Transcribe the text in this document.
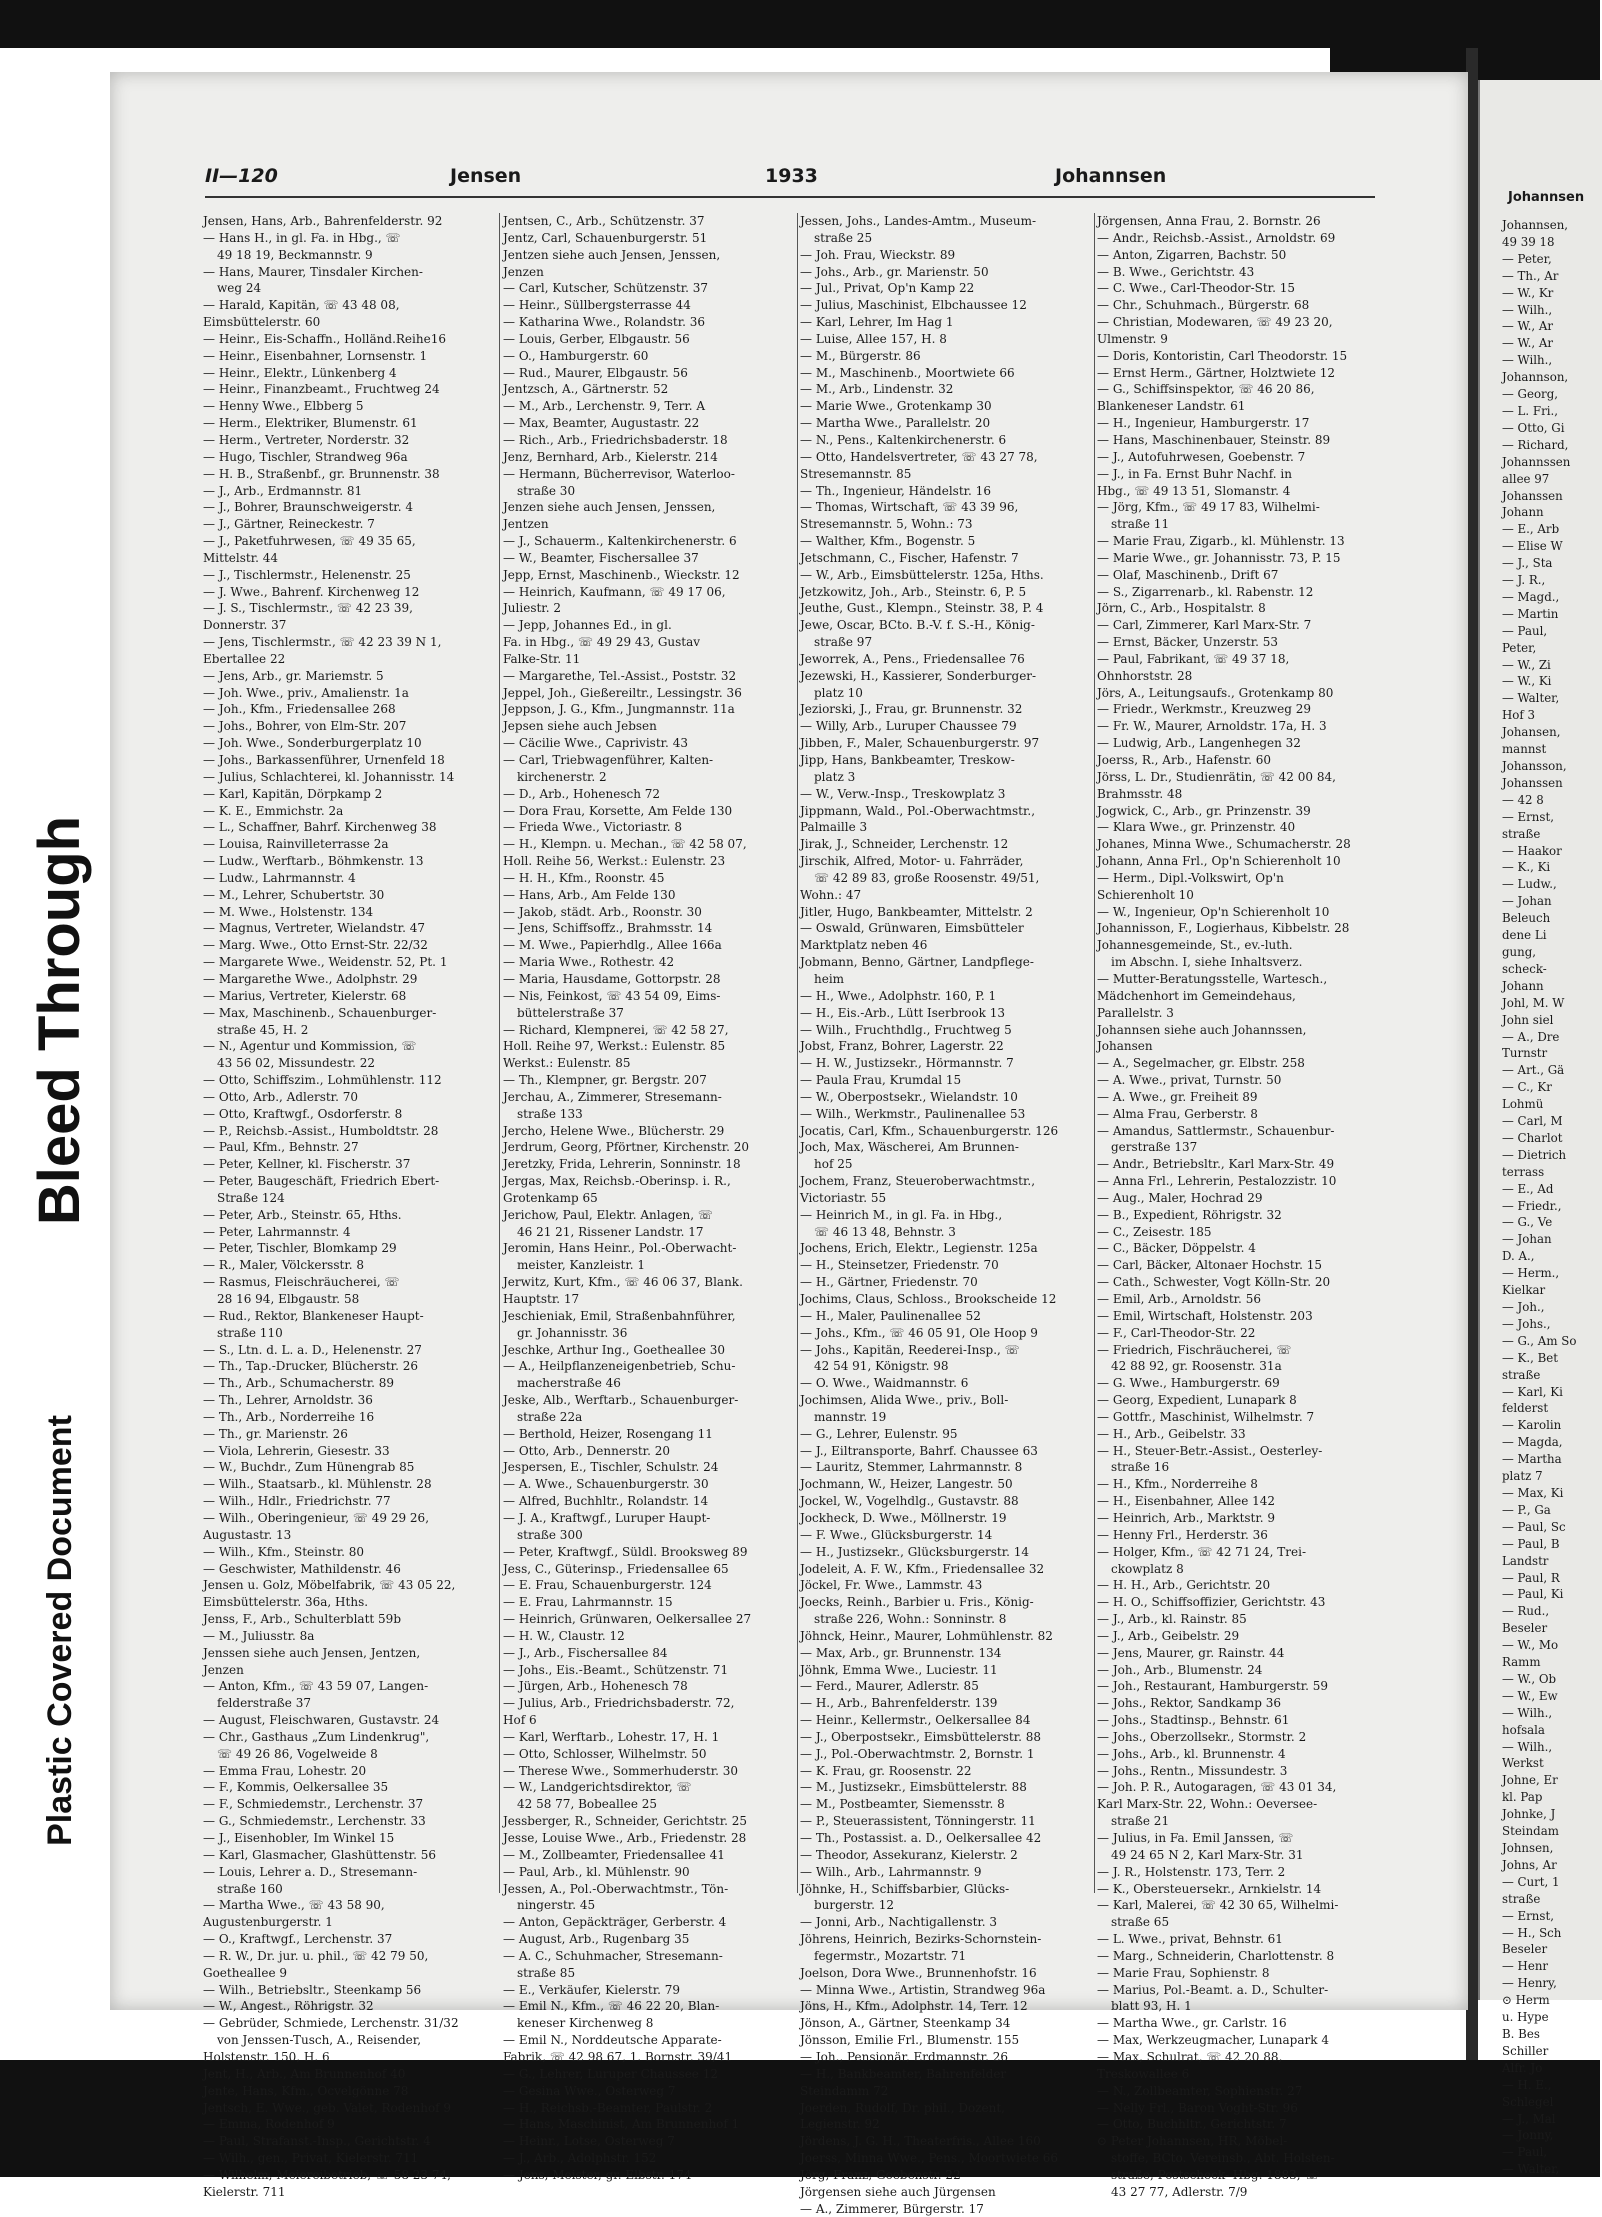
Bleed Through
Plastic Covered Document
II—120	Jensen	1933	Johannsen
Jensen, Hans, Arb., Bahrenfelderstr. 92
— Hans H., in gl. Fa. in Hbg., ☏
49 18 19, Beckmannstr. 9
— Hans, Maurer, Tinsdaler Kirchen-
weg 24
— Harald, Kapitän, ☏ 43 48 08,
Eimsbüttelerstr. 60
— Heinr., Eis-Schaffn., Holländ.Reihe16
— Heinr., Eisenbahner, Lornsenstr. 1
— Heinr., Elektr., Lünkenberg 4
— Heinr., Finanzbeamt., Fruchtweg 24
— Henny Wwe., Elbberg 5
— Herm., Elektriker, Blumenstr. 61
— Herm., Vertreter, Norderstr. 32
— Hugo, Tischler, Strandweg 96a
— H. B., Straßenbf., gr. Brunnenstr. 38
— J., Arb., Erdmannstr. 81
— J., Bohrer, Braunschweigerstr. 4
— J., Gärtner, Reineckestr. 7
— J., Paketfuhrwesen, ☏ 49 35 65,
Mittelstr. 44
— J., Tischlermstr., Helenenstr. 25
— J. Wwe., Bahrenf. Kirchenweg 12
— J. S., Tischlermstr., ☏ 42 23 39,
Donnerstr. 37
— Jens, Tischlermstr., ☏ 42 23 39 N 1,
Ebertallee 22
— Jens, Arb., gr. Mariemstr. 5
— Joh. Wwe., priv., Amalienstr. 1a
— Joh., Kfm., Friedensallee 268
— Johs., Bohrer, von Elm-Str. 207
— Joh. Wwe., Sonderburgerplatz 10
— Johs., Barkassenführer, Urnenfeld 18
— Julius, Schlachterei, kl. Johannisstr. 14
— Karl, Kapitän, Dörpkamp 2
— K. E., Emmichstr. 2a
— L., Schaffner, Bahrf. Kirchenweg 38
— Louisa, Rainvilleterrasse 2a
— Ludw., Werftarb., Böhmkenstr. 13
— Ludw., Lahrmannstr. 4
— M., Lehrer, Schubertstr. 30
— M. Wwe., Holstenstr. 134
— Magnus, Vertreter, Wielandstr. 47
— Marg. Wwe., Otto Ernst-Str. 22/32
— Margarete Wwe., Weidenstr. 52, Pt. 1
— Margarethe Wwe., Adolphstr. 29
— Marius, Vertreter, Kielerstr. 68
— Max, Maschinenb., Schauenburger-
straße 45, H. 2
— N., Agentur und Kommission, ☏
43 56 02, Missundestr. 22
— Otto, Schiffszim., Lohmühlenstr. 112
— Otto, Arb., Adlerstr. 70
— Otto, Kraftwgf., Osdorferstr. 8
— P., Reichsb.-Assist., Humboldtstr. 28
— Paul, Kfm., Behnstr. 27
— Peter, Kellner, kl. Fischerstr. 37
— Peter, Baugeschäft, Friedrich Ebert-
Straße 124
— Peter, Arb., Steinstr. 65, Hths.
— Peter, Lahrmannstr. 4
— Peter, Tischler, Blomkamp 29
— R., Maler, Völckersstr. 8
— Rasmus, Fleischräucherei, ☏
28 16 94, Elbgaustr. 58
— Rud., Rektor, Blankeneser Haupt-
straße 110
— S., Ltn. d. L. a. D., Helenenstr. 27
— Th., Tap.-Drucker, Blücherstr. 26
— Th., Arb., Schumacherstr. 89
— Th., Lehrer, Arnoldstr. 36
— Th., Arb., Norderreihe 16
— Th., gr. Marienstr. 26
— Viola, Lehrerin, Giesestr. 33
— W., Buchdr., Zum Hünengrab 85
— Wilh., Staatsarb., kl. Mühlenstr. 28
— Wilh., Hdlr., Friedrichstr. 77
— Wilh., Oberingenieur, ☏ 49 29 26,
Augustastr. 13
— Wilh., Kfm., Steinstr. 80
— Geschwister, Mathildenstr. 46
Jensen u. Golz, Möbelfabrik, ☏ 43 05 22,
Eimsbüttelerstr. 36a, Hths.
Jenss, F., Arb., Schulterblatt 59b
— M., Juliusstr. 8a
Jenssen siehe auch Jensen, Jentzen,
Jenzen
— Anton, Kfm., ☏ 43 59 07, Langen-
felderstraße 37
— August, Fleischwaren, Gustavstr. 24
— Chr., Gasthaus „Zum Lindenkrug",
☏ 49 26 86, Vogelweide 8
— Emma Frau, Lohestr. 20
— F., Kommis, Oelkersallee 35
— F., Schmiedemstr., Lerchenstr. 37
— G., Schmiedemstr., Lerchenstr. 33
— J., Eisenhobler, Im Winkel 15
— Karl, Glasmacher, Glashüttenstr. 56
— Louis, Lehrer a. D., Stresemann-
straße 160
— Martha Wwe., ☏ 43 58 90,
Augustenburgerstr. 1
— O., Kraftwgf., Lerchenstr. 37
— R. W., Dr. jur. u. phil., ☏ 42 79 50,
Goetheallee 9
— Wilh., Betriebsltr., Steenkamp 56
— W., Angest., Röhrigstr. 32
— Gebrüder, Schmiede, Lerchenstr. 31/32
von Jenssen-Tusch, A., Reisender,
Holstenstr. 150, H. 6
Jent, H., Arb., Am Brunnenhof 40
Jente, Hans, Kfm., Ocvelgönne 78
Jentsch, E. Wwe., geb. Valet, Rodenhof 9
— Emma, Rodenhof 9
— Paul, Strafanst.-Insp., Gerichtstr. 4
— Wilh., gen., Privat, Kielerstr. 711
— Wilhelm, Meiereibetrieb, ☏ 58 23 74,
Kielerstr. 711
Jentsen, C., Arb., Schützenstr. 37
Jentz, Carl, Schauenburgerstr. 51
Jentzen siehe auch Jensen, Jenssen,
Jenzen
— Carl, Kutscher, Schützenstr. 37
— Heinr., Süllbergsterrasse 44
— Katharina Wwe., Rolandstr. 36
— Louis, Gerber, Elbgaustr. 56
— O., Hamburgerstr. 60
— Rud., Maurer, Elbgaustr. 56
Jentzsch, A., Gärtnerstr. 52
— M., Arb., Lerchenstr. 9, Terr. A
— Max, Beamter, Augustastr. 22
— Rich., Arb., Friedrichsbaderstr. 18
Jenz, Bernhard, Arb., Kielerstr. 214
— Hermann, Bücherrevisor, Waterloo-
straße 30
Jenzen siehe auch Jensen, Jenssen,
Jentzen
— J., Schauerm., Kaltenkirchenerstr. 6
— W., Beamter, Fischersallee 37
Jepp, Ernst, Maschinenb., Wieckstr. 12
— Heinrich, Kaufmann, ☏ 49 17 06,
Juliestr. 2
— Jepp, Johannes Ed., in gl.
Fa. in Hbg., ☏ 49 29 43, Gustav
Falke-Str. 11
— Margarethe, Tel.-Assist., Poststr. 32
Jeppel, Joh., Gießereiltr., Lessingstr. 36
Jeppson, J. G., Kfm., Jungmannstr. 11a
Jepsen siehe auch Jebsen
— Cäcilie Wwe., Caprivistr. 43
— Carl, Triebwagenführer, Kalten-
kirchenerstr. 2
— D., Arb., Hohenesch 72
— Dora Frau, Korsette, Am Felde 130
— Frieda Wwe., Victoriastr. 8
— H., Klempn. u. Mechan., ☏ 42 58 07,
Holl. Reihe 56, Werkst.: Eulenstr. 23
— H. H., Kfm., Roonstr. 45
— Hans, Arb., Am Felde 130
— Jakob, städt. Arb., Roonstr. 30
— Jens, Schiffsoffz., Brahmsstr. 14
— M. Wwe., Papierhdlg., Allee 166a
— Maria Wwe., Rothestr. 42
— Maria, Hausdame, Gottorpstr. 28
— Nis, Feinkost, ☏ 43 54 09, Eims-
büttelerstraße 37
— Richard, Klempnerei, ☏ 42 58 27,
Holl. Reihe 97, Werkst.: Eulenstr. 85
Werkst.: Eulenstr. 85
— Th., Klempner, gr. Bergstr. 207
Jerchau, A., Zimmerer, Stresemann-
straße 133
Jercho, Helene Wwe., Blücherstr. 29
Jerdrum, Georg, Pförtner, Kirchenstr. 20
Jeretzky, Frida, Lehrerin, Sonninstr. 18
Jergas, Max, Reichsb.-Oberinsp. i. R.,
Grotenkamp 65
Jerichow, Paul, Elektr. Anlagen, ☏
46 21 21, Rissener Landstr. 17
Jeromin, Hans Heinr., Pol.-Oberwacht-
meister, Kanzleistr. 1
Jerwitz, Kurt, Kfm., ☏ 46 06 37, Blank.
Hauptstr. 17
Jeschieniak, Emil, Straßenbahnführer,
gr. Johannisstr. 36
Jeschke, Arthur Ing., Goetheallee 30
— A., Heilpflanzeneigenbetrieb, Schu-
macherstraße 46
Jeske, Alb., Werftarb., Schauenburger-
straße 22a
— Berthold, Heizer, Rosengang 11
— Otto, Arb., Dennerstr. 20
Jespersen, E., Tischler, Schulstr. 24
— A. Wwe., Schauenburgerstr. 30
— Alfred, Buchhltr., Rolandstr. 14
— J. A., Kraftwgf., Luruper Haupt-
straße 300
— Peter, Kraftwgf., Süldl. Brooksweg 89
Jess, C., Güterinsp., Friedensallee 65
— E. Frau, Schauenburgerstr. 124
— E. Frau, Lahrmannstr. 15
— Heinrich, Grünwaren, Oelkersallee 27
— H. W., Claustr. 12
— J., Arb., Fischersallee 84
— Johs., Eis.-Beamt., Schützenstr. 71
— Jürgen, Arb., Hohenesch 78
— Julius, Arb., Friedrichsbaderstr. 72,
Hof 6
— Karl, Werftarb., Lohestr. 17, H. 1
— Otto, Schlosser, Wilhelmstr. 50
— Therese Wwe., Sommerhuderstr. 30
— W., Landgerichtsdirektor, ☏
42 58 77, Bobeallee 25
Jessberger, R., Schneider, Gerichtstr. 25
Jesse, Louise Wwe., Arb., Friedenstr. 28
— M., Zollbeamter, Friedensallee 41
— Paul, Arb., kl. Mühlenstr. 90
Jessen, A., Pol.-Oberwachtmstr., Tön-
ningerstr. 45
— Anton, Gepäckträger, Gerberstr. 4
— August, Arb., Rugenbarg 35
— A. C., Schuhmacher, Stresemann-
straße 85
— E., Verkäufer, Kielerstr. 79
— Emil N., Kfm., ☏ 46 22 20, Blan-
keneser Kirchenweg 8
— Emil N., Norddeutsche Apparate-
Fabrik, ☏ 42 98 67, 1. Bornstr. 39/41
— G., Lehrer, Luruper Chaussee 12
— Gesina Wwe., Osterweg 7
— H., Reichsb.-Beamter, Paulstr. 2
— Hans, Maschinist, Am Brunnenhof 1
— Heinr., Lotse, Osterweg 7
— J., Arb., Adolphstr. 152
— Jens, Meister, gr. Elbstr. 174
Jessen, Johs., Landes-Amtm., Museum-
straße 25
— Joh. Frau, Wieckstr. 89
— Johs., Arb., gr. Marienstr. 50
— Jul., Privat, Op'n Kamp 22
— Julius, Maschinist, Elbchaussee 12
— Karl, Lehrer, Im Hag 1
— Luise, Allee 157, H. 8
— M., Bürgerstr. 86
— M., Maschinenb., Moortwiete 66
— M., Arb., Lindenstr. 32
— Marie Wwe., Grotenkamp 30
— Martha Wwe., Parallelstr. 20
— N., Pens., Kaltenkirchenerstr. 6
— Otto, Handelsvertreter, ☏ 43 27 78,
Stresemannstr. 85
— Th., Ingenieur, Händelstr. 16
— Thomas, Wirtschaft, ☏ 43 39 96,
Stresemannstr. 5, Wohn.: 73
— Walther, Kfm., Bogenstr. 5
Jetschmann, C., Fischer, Hafenstr. 7
— W., Arb., Eimsbüttelerstr. 125a, Hths.
Jetzkowitz, Joh., Arb., Steinstr. 6, P. 5
Jeuthe, Gust., Klempn., Steinstr. 38, P. 4
Jewe, Oscar, BCto. B.-V. f. S.-H., König-
straße 97
Jeworrek, A., Pens., Friedensallee 76
Jezewski, H., Kassierer, Sonderburger-
platz 10
Jeziorski, J., Frau, gr. Brunnenstr. 32
— Willy, Arb., Luruper Chaussee 79
Jibben, F., Maler, Schauenburgerstr. 97
Jipp, Hans, Bankbeamter, Treskow-
platz 3
— W., Verw.-Insp., Treskowplatz 3
Jippmann, Wald., Pol.-Oberwachtmstr.,
Palmaille 3
Jirak, J., Schneider, Lerchenstr. 12
Jirschik, Alfred, Motor- u. Fahrräder,
☏ 42 89 83, große Roosenstr. 49/51,
Wohn.: 47
Jitler, Hugo, Bankbeamter, Mittelstr. 2
— Oswald, Grünwaren, Eimsbütteler
Marktplatz neben 46
Jobmann, Benno, Gärtner, Landpflege-
heim
— H., Wwe., Adolphstr. 160, P. 1
— H., Eis.-Arb., Lütt Iserbrook 13
— Wilh., Fruchthdlg., Fruchtweg 5
Jobst, Franz, Bohrer, Lagerstr. 22
— H. W., Justizsekr., Hörmannstr. 7
— Paula Frau, Krumdal 15
— W., Oberpostsekr., Wielandstr. 10
— Wilh., Werkmstr., Paulinenallee 53
Jocatis, Carl, Kfm., Schauenburgerstr. 126
Joch, Max, Wäscherei, Am Brunnen-
hof 25
Jochem, Franz, Steueroberwachtmstr.,
Victoriastr. 55
— Heinrich M., in gl. Fa. in Hbg.,
☏ 46 13 48, Behnstr. 3
Jochens, Erich, Elektr., Legienstr. 125a
— H., Steinsetzer, Friedenstr. 70
— H., Gärtner, Friedenstr. 70
Jochims, Claus, Schloss., Brookscheide 12
— H., Maler, Paulinenallee 52
— Johs., Kfm., ☏ 46 05 91, Ole Hoop 9
— Johs., Kapitän, Reederei-Insp., ☏
42 54 91, Königstr. 98
— O. Wwe., Waidmannstr. 6
Jochimsen, Alida Wwe., priv., Boll-
mannstr. 19
— G., Lehrer, Eulenstr. 95
— J., Eiltransporte, Bahrf. Chaussee 63
— Lauritz, Stemmer, Lahrmannstr. 8
Jochmann, W., Heizer, Langestr. 50
Jockel, W., Vogelhdlg., Gustavstr. 88
Jockheck, D. Wwe., Möllnerstr. 19
— F. Wwe., Glücksburgerstr. 14
— H., Justizsekr., Glücksburgerstr. 14
Jodeleit, A. F. W., Kfm., Friedensallee 32
Jöckel, Fr. Wwe., Lammstr. 43
Joecks, Reinh., Barbier u. Fris., König-
straße 226, Wohn.: Sonninstr. 8
Jöhnck, Heinr., Maurer, Lohmühlenstr. 82
— Max, Arb., gr. Brunnenstr. 134
Jöhnk, Emma Wwe., Luciestr. 11
— Ferd., Maurer, Adlerstr. 85
— H., Arb., Bahrenfelderstr. 139
— Heinr., Kellermstr., Oelkersallee 84
— J., Oberpostsekr., Eimsbüttelerstr. 88
— J., Pol.-Oberwachtmstr. 2, Bornstr. 1
— K. Frau, gr. Roosenstr. 22
— M., Justizsekr., Eimsbüttelerstr. 88
— M., Postbeamter, Siemensstr. 8
— P., Steuerassistent, Tönningerstr. 11
— Th., Postassist. a. D., Oelkersallee 42
— Theodor, Assekuranz, Kielerstr. 2
— Wilh., Arb., Lahrmannstr. 9
Jöhnke, H., Schiffsbarbier, Glücks-
burgerstr. 12
— Jonni, Arb., Nachtigallenstr. 3
Jöhrens, Heinrich, Bezirks-Schornstein-
fegermstr., Mozartstr. 71
Joelson, Dora Wwe., Brunnenhofstr. 16
— Minna Wwe., Artistin, Strandweg 96a
Jöns, H., Kfm., Adolphstr. 14, Terr. 12
Jönson, A., Gärtner, Steenkamp 34
Jönsson, Emilie Frl., Blumenstr. 155
— Joh., Pensionär, Erdmannstr. 26
— H., Bankbeamter, Bahrenfelder
Steindamm 72
Joerden, Rudolf, Dr. phil., Dozent,
Legienstr. 92
Jördens, J. G. H., Theaterfris., Allee 160
Joerss, Minna Wwe., Pens., Moortwiete 66
Jörg, Franz, Goebenstr. 22
Jörgensen siehe auch Jürgensen
— A., Zimmerer, Bürgerstr. 17
Jörgensen, Anna Frau, 2. Bornstr. 26
— Andr., Reichsb.-Assist., Arnoldstr. 69
— Anton, Zigarren, Bachstr. 50
— B. Wwe., Gerichtstr. 43
— C. Wwe., Carl-Theodor-Str. 15
— Chr., Schuhmach., Bürgerstr. 68
— Christian, Modewaren, ☏ 49 23 20,
Ulmenstr. 9
— Doris, Kontoristin, Carl Theodorstr. 15
— Ernst Herm., Gärtner, Holztwiete 12
— G., Schiffsinspektor, ☏ 46 20 86,
Blankeneser Landstr. 61
— H., Ingenieur, Hamburgerstr. 17
— Hans, Maschinenbauer, Steinstr. 89
— J., Autofuhrwesen, Goebenstr. 7
— J., in Fa. Ernst Buhr Nachf. in
Hbg., ☏ 49 13 51, Slomanstr. 4
— Jörg, Kfm., ☏ 49 17 83, Wilhelmi-
straße 11
— Marie Frau, Zigarb., kl. Mühlenstr. 13
— Marie Wwe., gr. Johannisstr. 73, P. 15
— Olaf, Maschinenb., Drift 67
— S., Zigarrenarb., kl. Rabenstr. 12
Jörn, C., Arb., Hospitalstr. 8
— Carl, Zimmerer, Karl Marx-Str. 7
— Ernst, Bäcker, Unzerstr. 53
— Paul, Fabrikant, ☏ 49 37 18,
Ohnhorststr. 28
Jörs, A., Leitungsaufs., Grotenkamp 80
— Friedr., Werkmstr., Kreuzweg 29
— Fr. W., Maurer, Arnoldstr. 17a, H. 3
— Ludwig, Arb., Langenhegen 32
Joerss, R., Arb., Hafenstr. 60
Jörss, L. Dr., Studienrätin, ☏ 42 00 84,
Brahmsstr. 48
Jogwick, C., Arb., gr. Prinzenstr. 39
— Klara Wwe., gr. Prinzenstr. 40
Johanes, Minna Wwe., Schumacherstr. 28
Johann, Anna Frl., Op'n Schierenholt 10
— Herm., Dipl.-Volkswirt, Op'n
Schierenholt 10
— W., Ingenieur, Op'n Schierenholt 10
Johannisson, F., Logierhaus, Kibbelstr. 28
Johannesgemeinde, St., ev.-luth.
im Abschn. I, siehe Inhaltsverz.
— Mutter-Beratungsstelle, Wartesch.,
Mädchenhort im Gemeindehaus,
Parallelstr. 3
Johannsen siehe auch Johannssen,
Johansen
— A., Segelmacher, gr. Elbstr. 258
— A. Wwe., privat, Turnstr. 50
— A. Wwe., gr. Freiheit 89
— Alma Frau, Gerberstr. 8
— Amandus, Sattlermstr., Schauenbur-
gerstraße 137
— Andr., Betriebsltr., Karl Marx-Str. 49
— Anna Frl., Lehrerin, Pestalozzistr. 10
— Aug., Maler, Hochrad 29
— B., Expedient, Röhrigstr. 32
— C., Zeisestr. 185
— C., Bäcker, Döppelstr. 4
— Carl, Bäcker, Altonaer Hochstr. 15
— Cath., Schwester, Vogt Kölln-Str. 20
— Emil, Arb., Arnoldstr. 56
— Emil, Wirtschaft, Holstenstr. 203
— F., Carl-Theodor-Str. 22
— Friedrich, Fischräucherei, ☏
42 88 92, gr. Roosenstr. 31a
— G. Wwe., Hamburgerstr. 69
— Georg, Expedient, Lunapark 8
— Gottfr., Maschinist, Wilhelmstr. 7
— H., Arb., Geibelstr. 33
— H., Steuer-Betr.-Assist., Oesterley-
straße 16
— H., Kfm., Norderreihe 8
— H., Eisenbahner, Allee 142
— Heinrich, Arb., Marktstr. 9
— Henny Frl., Herderstr. 36
— Holger, Kfm., ☏ 42 71 24, Trei-
ckowplatz 8
— H. H., Arb., Gerichtstr. 20
— H. O., Schiffsoffizier, Gerichtstr. 43
— J., Arb., kl. Rainstr. 85
— J., Arb., Geibelstr. 29
— Jens, Maurer, gr. Rainstr. 44
— Joh., Arb., Blumenstr. 24
— Joh., Restaurant, Hamburgerstr. 59
— Johs., Rektor, Sandkamp 36
— Johs., Stadtinsp., Behnstr. 61
— Johs., Oberzollsekr., Stormstr. 2
— Johs., Arb., kl. Brunnenstr. 4
— Johs., Rentn., Missundestr. 3
— Joh. P. R., Autogaragen, ☏ 43 01 34,
Karl Marx-Str. 22, Wohn.: Oeverseе-
straße 21
— Julius, in Fa. Emil Janssen, ☏
49 24 65 N 2, Karl Marx-Str. 31
— J. R., Holstenstr. 173, Terr. 2
— K., Obersteuersekr., Arnkielstr. 14
— Karl, Malerei, ☏ 42 30 65, Wilhelmi-
straße 65
— L. Wwe., privat, Behnstr. 61
— Marg., Schneiderin, Charlottenstr. 8
— Marie Frau, Sophienstr. 8
— Marius, Pol.-Beamt. a. D., Schulter-
blatt 93, H. 1
— Martha Wwe., gr. Carlstr. 16
— Max, Werkzeugmacher, Lunapark 4
— Max, Schulrat, ☏ 42 20 88,
Treskowallee 6
— N., Zollbeamter, Sophienstr. 27
— Nelly Frl., Baron Voght-Str. 96
— Otto, Buchhltr., Gerichtstr. 7
⊙ Peter Johannsen, HR, Möbel-
stoffe, BCto. Vereinsb., Abt. Holsten-
straße, Postscheck- Hbg. 1883, ☏
43 27 77, Adlerstr. 7/9
Johannsen
Johannsen,
49 39 18
— Peter,
— Th., Ar
— W., Kr
— Wilh.,
— W., Ar
— W., Ar
— Wilh.,
Johannson,
— Georg,
— L. Fri.,
— Otto, Gi
— Richard,
Johannssen
allee 97
Johanssen
Johann
— E., Arb
— Elise W
— J., Sta
— J. R.,
— Magd.,
— Martin
— Paul,
Peter,
— W., Zi
— W., Ki
— Walter,
Hof 3
Johansen,
mannst
Johansson,
Johanssen
— 42 8
— Ernst,
straße
— Haakor
— K., Ki
— Ludw.,
— Johan
Beleuch
dene Li
gung,
scheck-
Johann
Johl, M. W
John siel
— A., Dre
Turnstr
— Art., Gä
— C., Kr
Lohmü
— Carl, M
— Charlot
— Dietrich
terrass
— E., Ad
— Friedr.,
— G., Ve
— Johan
D. A.,
— Herm.,
Kielkar
— Joh.,
— Johs.,
— G., Am So
— K., Bet
straße
— Karl, Ki
felderst
— Karolin
— Magda,
— Martha
platz 7
— Max, Ki
— P., Ga
— Paul, Sc
— Paul, B
Landstr
— Paul, R
— Paul, Ki
— Rud.,
Beseler
— W., Mo
Ramm
— W., Ob
— W., Ew
— Wilh.,
hofsala
— Wilh.,
Werkst
Johne, Er
kl. Pap
Johnke, J
Steindam
Johnsen,
Johns, Ar
— Curt, 1
straße
— Ernst,
— H., Sch
Beseler
— Henr
— Henry,
⊙ Herm
u. Hype
B. Bes
Schiller
Alfr. Jo
— H. E.,
Schlegel
— J., Mal
— Jonny,
— Paul,
— Walter,
